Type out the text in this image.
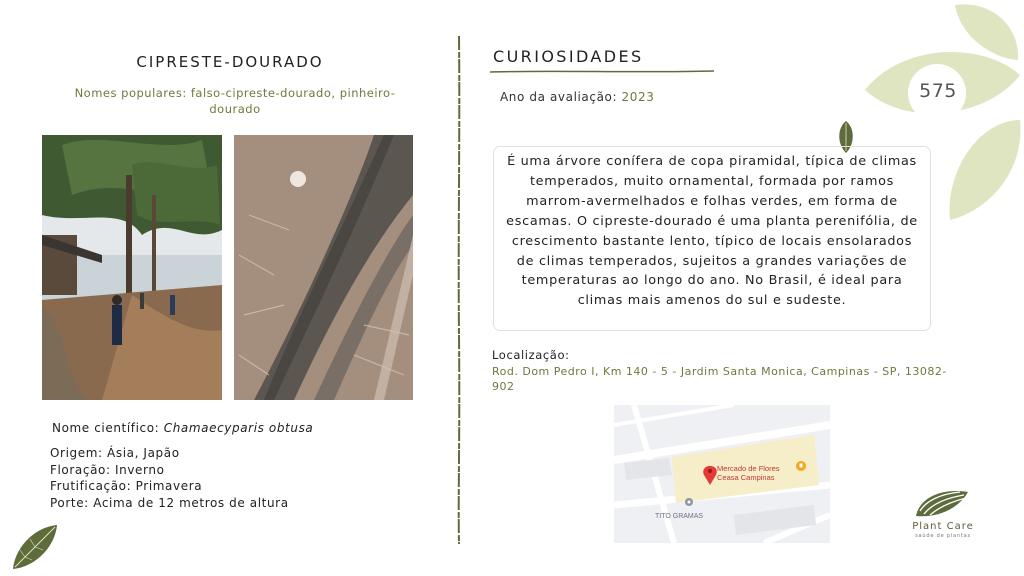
575
CIPRESTE-DOURADO
Nomes populares: falso-cipreste-dourado, pinheiro-dourado
Nome científico: Chamaecyparis obtusa
Origem: Ásia, Japão
Floração: Inverno
Frutificação: Primavera
Porte: Acima de 12 metros de altura
CURIOSIDADES
Ano da avaliação: 2023
É uma árvore conífera de copa piramidal, típica de climas temperados, muito ornamental, formada por ramos marrom-avermelhados e folhas verdes, em forma de escamas. O cipreste-dourado é uma planta perenifólia, de crescimento bastante lento, típico de locais ensolarados de climas temperados, sujeitos a grandes variações de temperaturas ao longo do ano. No Brasil, é ideal para climas mais amenos do sul e sudeste.
Localização:
Rod. Dom Pedro I, Km 140 - 5 - Jardim Santa Monica, Campinas - SP, 13082-902
Mercado de Flores
Ceasa Campinas
TITO GRAMAS
Plant Care
saúde de plantas
